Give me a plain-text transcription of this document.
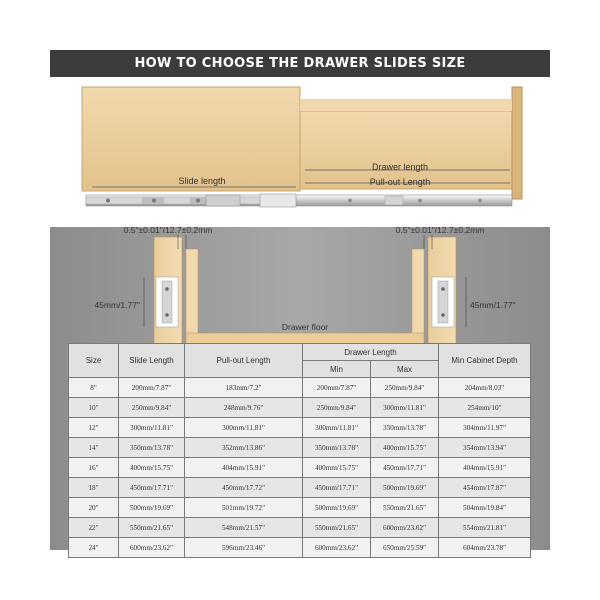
HOW TO CHOOSE THE DRAWER SLIDES SIZE
Drawer length
Pull-out Length
Slide length
0.5"±0.01"/12.7±0.2mm	0.5"±0.01"/12.7±0.2mm
45mm/1.77"	45mm/1.77"
Drawer floor
Size	Slide Length	Pull-out Length	Drawer Length		Min Cabinet Depth
			Min	Max	
8"	200mm/7.87"	183mm/7.2"	200mm/7.87"	250mm/9.84"	204mm/8.03"
10"	250mm/9.84"	248mm/9.76"	250mm/9.84"	300mm/11.81"	254mm/10"
12"	300mm/11.81"	300mm/11.81"	300mm/11.81"	350mm/13.78"	304mm/11.97"
14"	350mm/13.78"	352mm/13.86"	350mm/13.78"	400mm/15.75"	354mm/13.94"
16"	400mm/15.75"	404mm/15.91"	400mm/15.75"	450mm/17.71"	404mm/15.91"
18"	450mm/17.71"	450mm/17.72"	450mm/17.71"	500mm/19.69"	454mm/17.87"
20"	500mm/19.69"	501mm/19.72"	500mm/19.69"	550mm/21.65"	504mm/19.84"
22"	550mm/21.65"	548mm/21.57"	550mm/21.65"	600mm/23.62"	554mm/21.81"
24"	600mm/23.62"	596mm/23.46"	600mm/23.62"	650mm/25.59"	604mm/23.78"
